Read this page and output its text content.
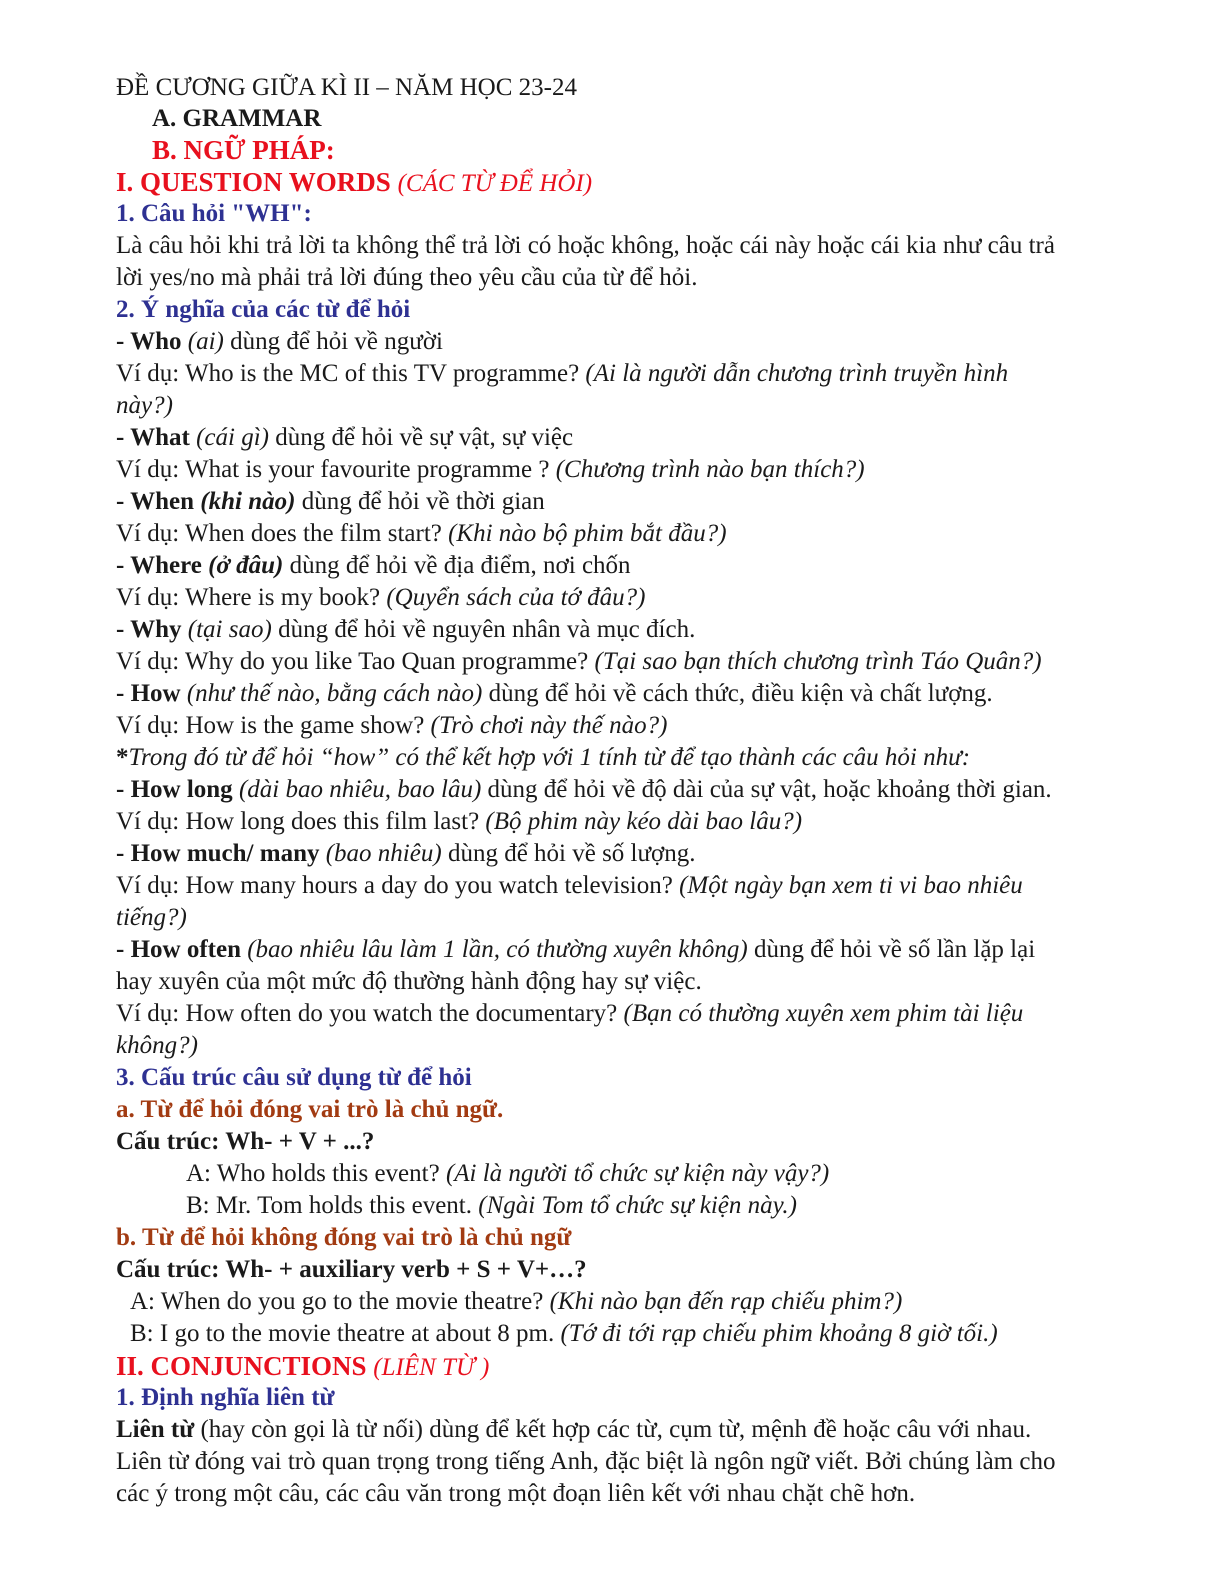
ĐỀ CƯƠNG GIỮA KÌ II – NĂM HỌC 23-24
A. GRAMMAR
B. NGỮ PHÁP:
I. QUESTION WORDS (CÁC TỪ ĐỂ HỎI)
1. Câu hỏi "WH":
Là câu hỏi khi trả lời ta không thể trả lời có hoặc không, hoặc cái này hoặc cái kia như câu trả
lời yes/no mà phải trả lời đúng theo yêu cầu của từ để hỏi.
2. Ý nghĩa của các từ để hỏi
- Who (ai) dùng để hỏi về người
Ví dụ: Who is the MC of this TV programme? (Ai là người dẫn chương trình truyền hình
này?)
- What (cái gì) dùng để hỏi về sự vật, sự việc
Ví dụ: What is your favourite programme ? (Chương trình nào bạn thích?)
- When (khi nào) dùng để hỏi về thời gian
Ví dụ: When does the film start? (Khi nào bộ phim bắt đầu?)
- Where (ở đâu) dùng để hỏi về địa điểm, nơi chốn
Ví dụ: Where is my book? (Quyển sách của tớ đâu?)
- Why (tại sao) dùng để hỏi về nguyên nhân và mục đích.
Ví dụ: Why do you like Tao Quan programme? (Tại sao bạn thích chương trình Táo Quân?)
- How (như thế nào, bằng cách nào) dùng để hỏi về cách thức, điều kiện và chất lượng.
Ví dụ: How is the game show? (Trò chơi này thế nào?)
*Trong đó từ để hỏi “how” có thể kết hợp với 1 tính từ để tạo thành các câu hỏi như:
- How long (dài bao nhiêu, bao lâu) dùng để hỏi về độ dài của sự vật, hoặc khoảng thời gian.
Ví dụ: How long does this film last? (Bộ phim này kéo dài bao lâu?)
- How much/ many (bao nhiêu) dùng để hỏi về số lượng.
Ví dụ: How many hours a day do you watch television? (Một ngày bạn xem ti vi bao nhiêu
tiếng?)
- How often (bao nhiêu lâu làm 1 lần, có thường xuyên không) dùng để hỏi về số lần lặp lại
hay xuyên của một mức độ thường hành động hay sự việc.
Ví dụ: How often do you watch the documentary? (Bạn có thường xuyên xem phim tài liệu
không?)
3. Cấu trúc câu sử dụng từ để hỏi
a. Từ để hỏi đóng vai trò là chủ ngữ.
Cấu trúc: Wh- + V + ...?
A: Who holds this event? (Ai là người tổ chức sự kiện này vậy?)
B: Mr. Tom holds this event. (Ngài Tom tổ chức sự kiện này.)
b. Từ để hỏi không đóng vai trò là chủ ngữ
Cấu trúc: Wh- + auxiliary verb + S + V+…?
A: When do you go to the movie theatre? (Khi nào bạn đến rạp chiếu phim?)
B: I go to the movie theatre at about 8 pm. (Tớ đi tới rạp chiếu phim khoảng 8 giờ tối.)
II. CONJUNCTIONS (LIÊN TỪ )
1. Định nghĩa liên từ
Liên từ (hay còn gọi là từ nối) dùng để kết hợp các từ, cụm từ, mệnh đề hoặc câu với nhau.
Liên từ đóng vai trò quan trọng trong tiếng Anh, đặc biệt là ngôn ngữ viết. Bởi chúng làm cho
các ý trong một câu, các câu văn trong một đoạn liên kết với nhau chặt chẽ hơn.
